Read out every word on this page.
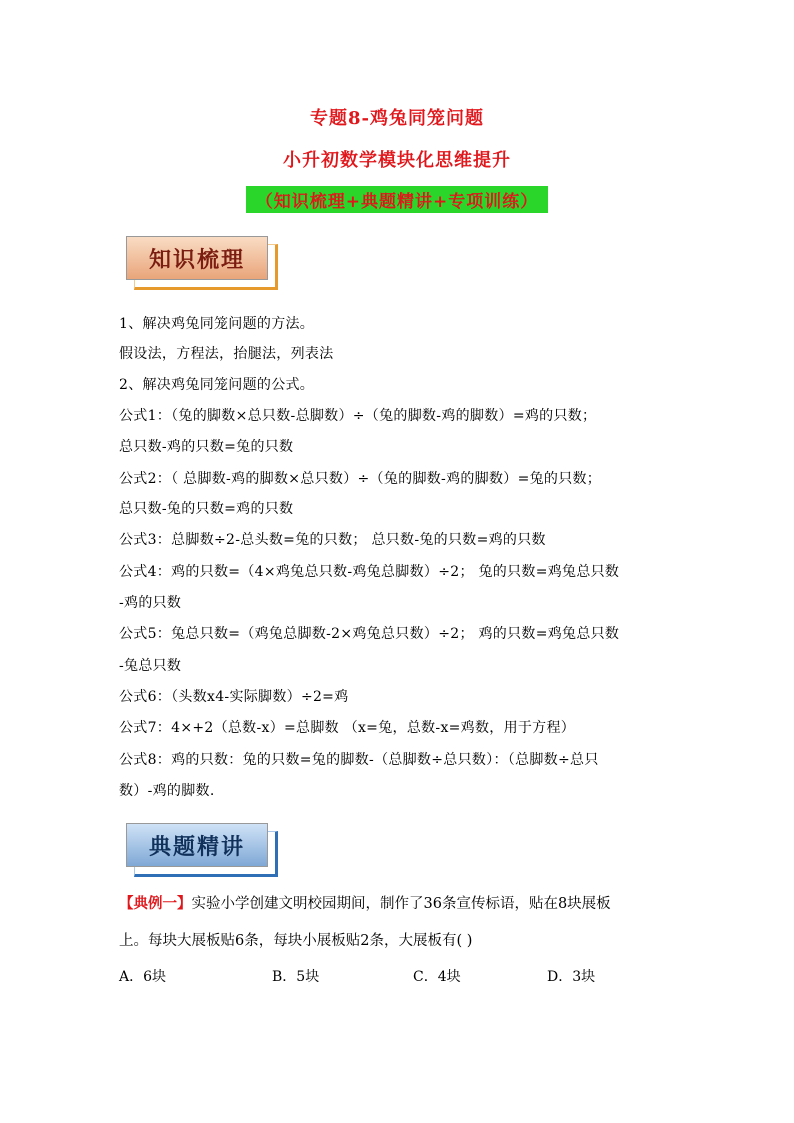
专题8-鸡兔同笼问题
小升初数学模块化思维提升
（知识梳理+典题精讲+专项训练）
知识梳理
1、解决鸡兔同笼问题的方法。
假设法，方程法，抬腿法，列表法
2、解决鸡兔同笼问题的公式。
公式1：（兔的脚数×总只数-总脚数）÷（兔的脚数-鸡的脚数）=鸡的只数；
总只数-鸡的只数=兔的只数
公式2：（ 总脚数-鸡的脚数×总只数）÷（兔的脚数-鸡的脚数）=兔的只数；
总只数-兔的只数=鸡的只数
公式3：总脚数÷2-总头数=兔的只数； 总只数-兔的只数=鸡的只数
公式4：鸡的只数=（4×鸡兔总只数-鸡兔总脚数）÷2； 兔的只数=鸡兔总只数
-鸡的只数
公式5：兔总只数=（鸡兔总脚数-2×鸡兔总只数）÷2； 鸡的只数=鸡兔总只数
-兔总只数
公式6：（头数x4-实际脚数）÷2=鸡
公式7：4×+2（总数-x）=总脚数 （x=兔，总数-x=鸡数，用于方程）
公式8：鸡的只数：兔的只数=兔的脚数-（总脚数÷总只数）：（总脚数÷总只
数）-鸡的脚数.
典题精讲
【典例一】实验小学创建文明校园期间，制作了36条宣传标语，贴在8块展板
上。每块大展板贴6条，每块小展板贴2条，大展板有( )
A．6块	B．5块	C．4块	D．3块
